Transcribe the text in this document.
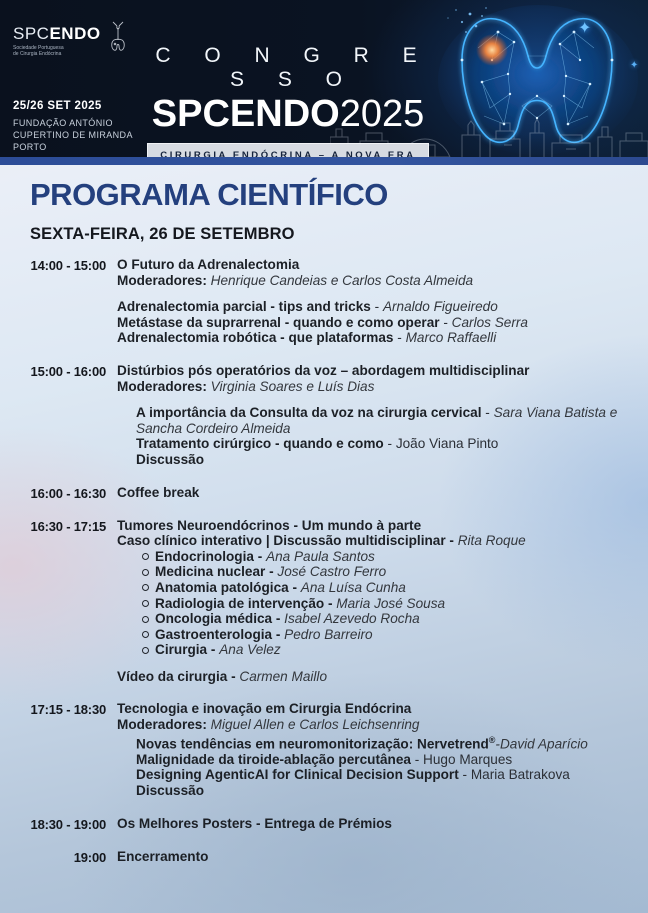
SPCENDO
Sociedade Portuguesa
de Cirurgia Endócrina
25/26 SET 2025
FUNDAÇÃO ANTÓNIO
CUPERTINO DE MIRANDA
PORTO
C O N G R E S S O
SPCENDO2025
CIRURGIA ENDÓCRINA – A NOVA ERA
✦
✦
PROGRAMA CIENTÍFICO
SEXTA-FEIRA, 26 DE SETEMBRO
14:00 - 15:00 O Futuro da Adrenalectomia
Moderadores: Henrique Candeias e Carlos Costa Almeida
Adrenalectomia parcial - tips and tricks - Arnaldo Figueiredo
Metástase da suprarrenal - quando e como operar - Carlos Serra
Adrenalectomia robótica - que plataformas - Marco Raffaelli
15:00 - 16:00 Distúrbios pós operatórios da voz – abordagem multidisciplinar
Moderadores: Virginia Soares e Luís Dias
A importância da Consulta da voz na cirurgia cervical - Sara Viana Batista e Sancha Cordeiro Almeida
Tratamento cirúrgico - quando e como - João Viana Pinto
Discussão
16:00 - 16:30 Coffee break
16:30 - 17:15 Tumores Neuroendócrinos - Um mundo à parte
Caso clínico interativo | Discussão multidisciplinar - Rita Roque
Endocrinologia - Ana Paula Santos
Medicina nuclear - José Castro Ferro
Anatomia patológica - Ana Luísa Cunha
Radiologia de intervenção - Maria José Sousa
Oncologia médica - Isabel Azevedo Rocha
Gastroenterologia - Pedro Barreiro
Cirurgia - Ana Velez
Vídeo da cirurgia - Carmen Maillo
17:15 - 18:30 Tecnologia e inovação em Cirurgia Endócrina
Moderadores: Miguel Allen e Carlos Leichsenring
Novas tendências em neuromonitorização: Nervetrend®-David Aparício
Malignidade da tiroide-ablação percutânea - Hugo Marques
Designing AgenticAI for Clinical Decision Support - Maria Batrakova
Discussão
18:30 - 19:00 Os Melhores Posters - Entrega de Prémios
19:00 Encerramento
